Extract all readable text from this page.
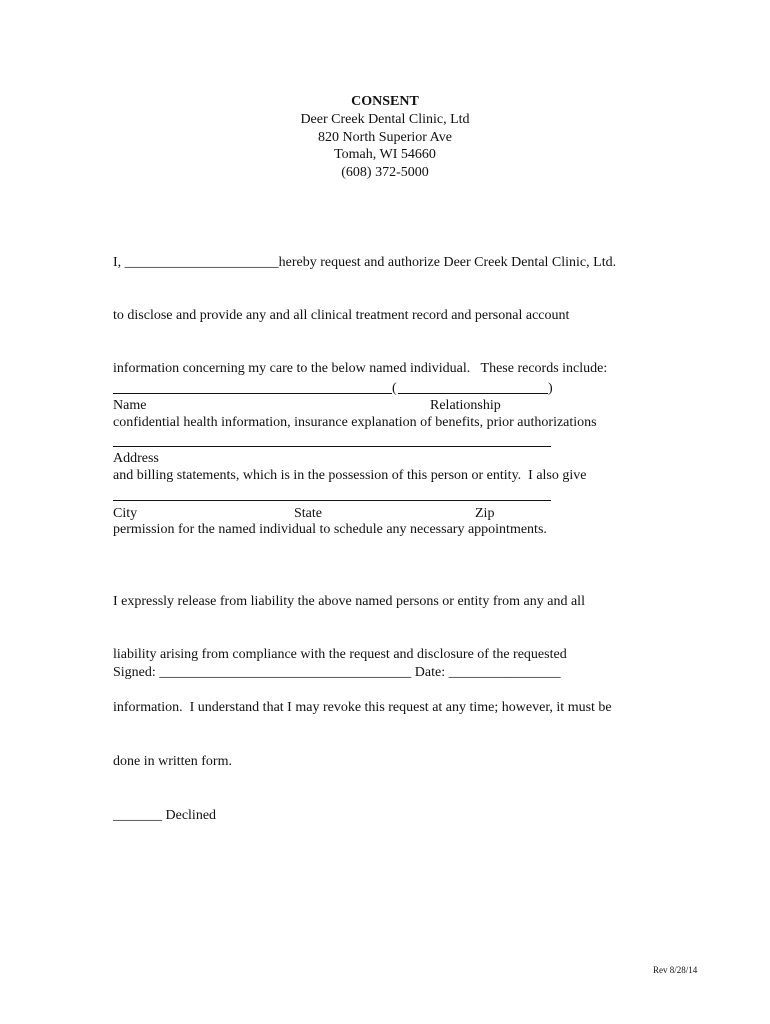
CONSENT
Deer Creek Dental Clinic, Ltd
820 North Superior Ave
Tomah, WI 54660
(608) 372-5000

I, ______________________hereby request and authorize Deer Creek Dental Clinic, Ltd.

to disclose and provide any and all clinical treatment record and personal account

information concerning my care to the below named individual.   These records include:

confidential health information, insurance explanation of benefits, prior authorizations

and billing statements, which is in the possession of this person or entity.  I also give

permission for the named individual to schedule any necessary appointments.

(	)
Name	Relationship
Address
City	State	Zip

I expressly release from liability the above named persons or entity from any and all

liability arising from compliance with the request and disclosure of the requested

information.  I understand that I may revoke this request at any time; however, it must be

done in written form.

Signed: ____________________________________ Date: ________________
_______ Declined
Rev 8/28/14
